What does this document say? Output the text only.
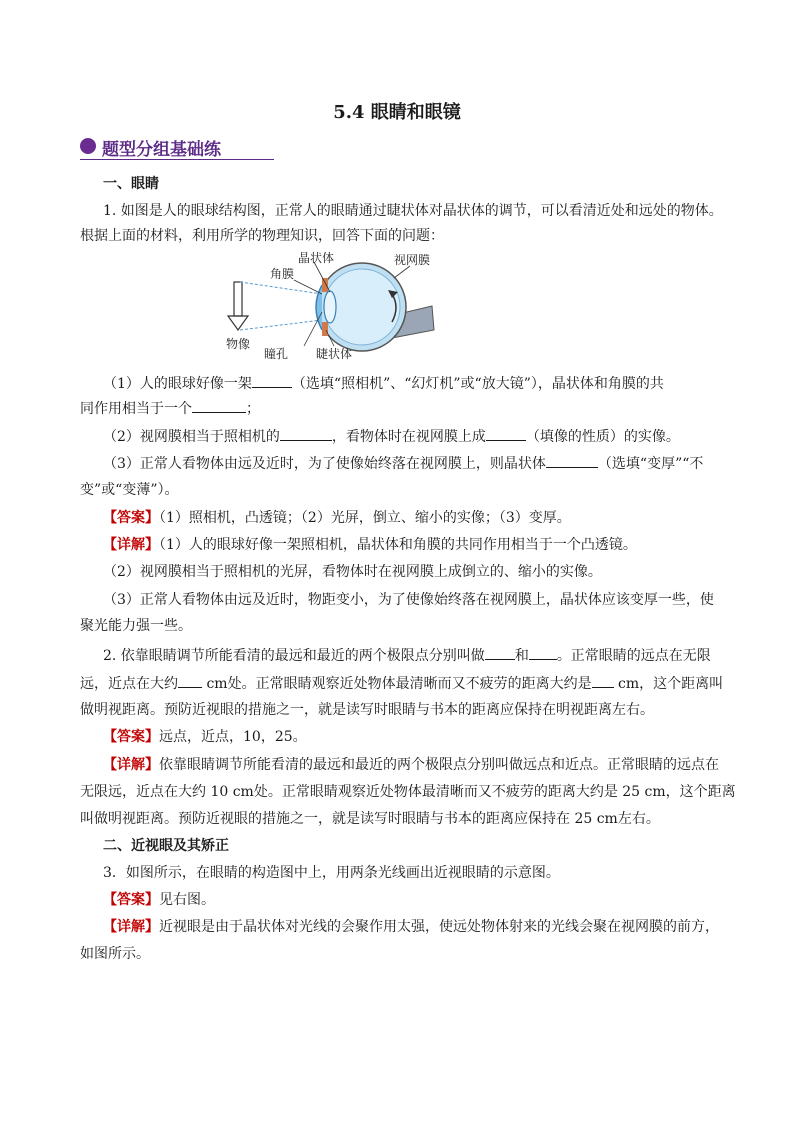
5.4 眼睛和眼镜
题型分组基础练
一、眼睛
1. 如图是人的眼球结构图，正常人的眼睛通过睫状体对晶状体的调节，可以看清近处和远处的物体。
根据上面的材料，利用所学的物理知识，回答下面的问题：
角膜
晶状体	视网膜
物像
瞳孔 睫状体
（1）人的眼球好像一架	（选填“照相机”、“幻灯机”或“放大镜”），晶状体和角膜的共
同作用相当于一个	；
（2）视网膜相当于照相机的	，看物体时在视网膜上成	（填像的性质）的实像。
（3）正常人看物体由远及近时，为了使像始终落在视网膜上，则晶状体	（选填“变厚”“不
变”或“变薄”）。
【答案】（1）照相机，凸透镜；（2）光屏，倒立、缩小的实像；（3）变厚。
【详解】（1）人的眼球好像一架照相机，晶状体和角膜的共同作用相当于一个凸透镜。
（2）视网膜相当于照相机的光屏，看物体时在视网膜上成倒立的、缩小的实像。
（3）正常人看物体由远及近时，物距变小，为了使像始终落在视网膜上，晶状体应该变厚一些，使
聚光能力强一些。
2. 依靠眼睛调节所能看清的最远和最近的两个极限点分别叫做 和 。正常眼睛的远点在无限
远，近点在大约 cm处。正常眼睛观察近处物体最清晰而又不疲劳的距离大约是 cm，这个距离叫
做明视距离。预防近视眼的措施之一，就是读写时眼睛与书本的距离应保持在明视距离左右。
【答案】远点，近点，10，25。
【详解】依靠眼睛调节所能看清的最远和最近的两个极限点分别叫做远点和近点。正常眼睛的远点在
无限远，近点在大约 10 cm处。正常眼睛观察近处物体最清晰而又不疲劳的距离大约是 25 cm，这个距离
叫做明视距离。预防近视眼的措施之一，就是读写时眼睛与书本的距离应保持在 25 cm左右。
二、近视眼及其矫正
3．如图所示，在眼睛的构造图中上，用两条光线画出近视眼睛的示意图。
【答案】见右图。
【详解】近视眼是由于晶状体对光线的会聚作用太强，使远处物体射来的光线会聚在视网膜的前方，
如图所示。
